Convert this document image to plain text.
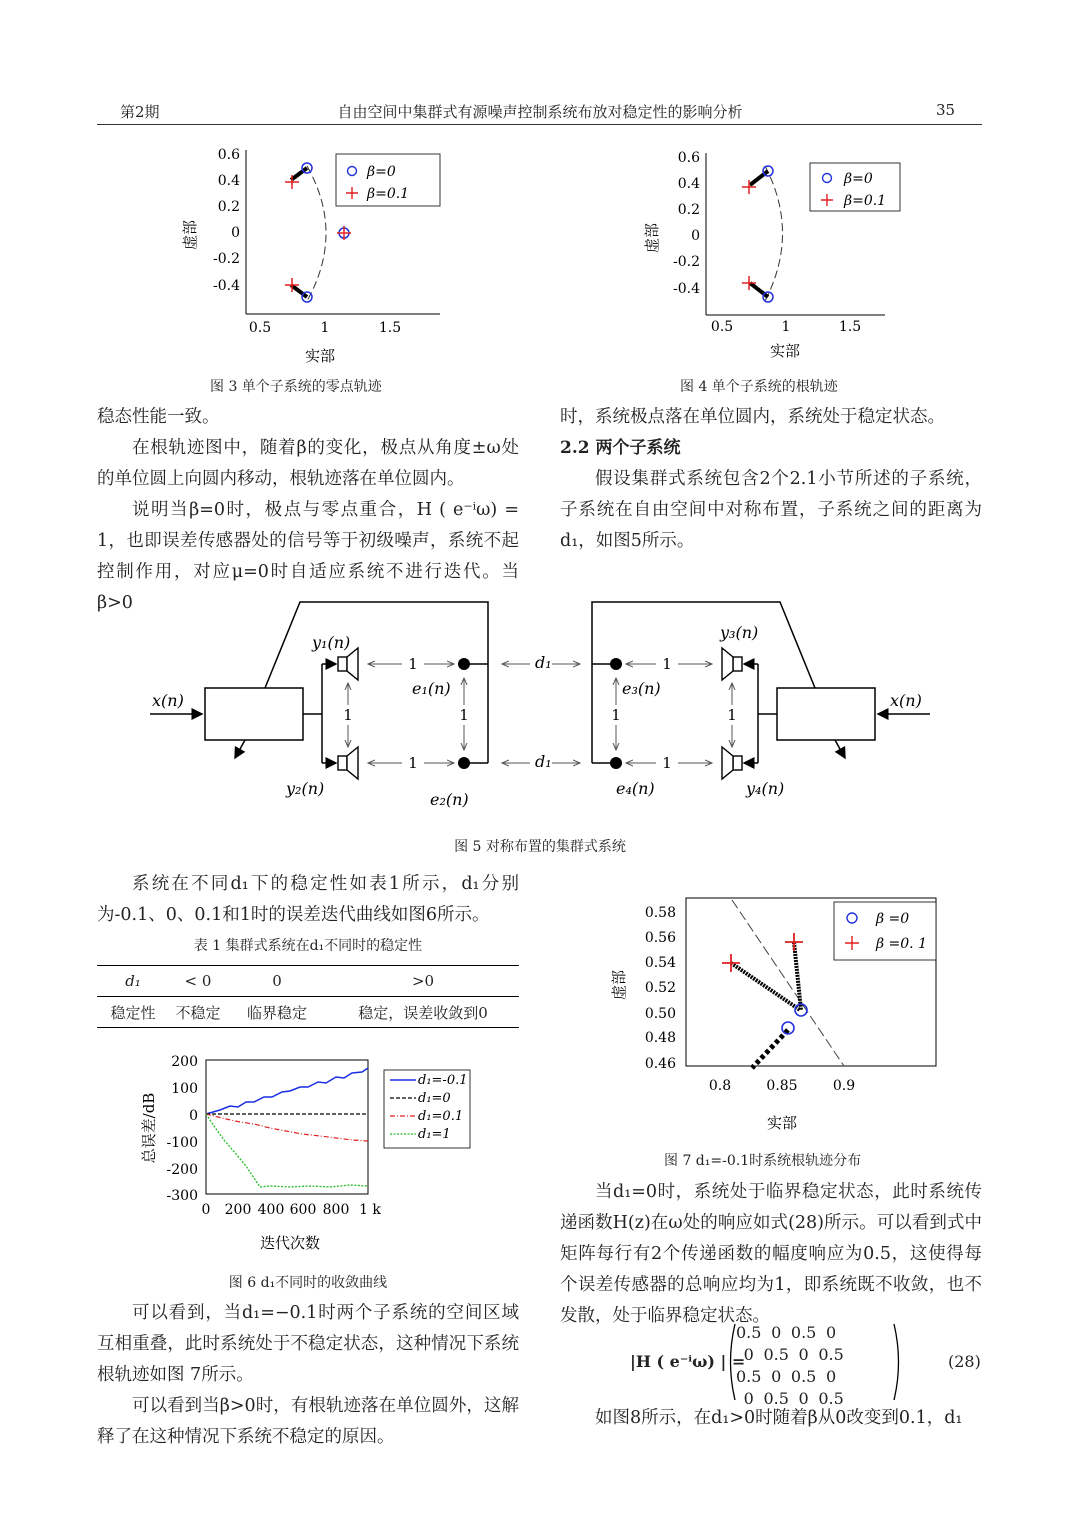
第2期	自由空间中集群式有源噪声控制系统布放对稳定性的影响分析	35
0.6
0.4
0.2
0
-0.2
-0.4
0.5	1	1.5
实部
虚部
β=0
β=0.1
图 3 单个子系统的零点轨迹
0.6
0.4
0.2
0
-0.2
-0.4
0.5	1	1.5
实部
虚部
β=0
β=0.1
图 4 单个子系统的根轨迹

稳态性能一致。

在根轨迹图中，随着β的变化，极点从角度±ω处的单位圆上向圆内移动，根轨迹落在单位圆内。

说明当β=0时，极点与零点重合，H ( e⁻ⁱω) = 1，也即误差传感器处的信号等于初级噪声，系统不起控制作用，对应μ=0时自适应系统不进行迭代。当β>0

时，系统极点落在单位圆内，系统处于稳定状态。

2.2 两个子系统

假设集群式系统包含2个2.1小节所述的子系统，子系统在自由空间中对称布置，子系统之间的距离为d₁，如图5所示。

x(n)	x(n)
y₁(n)
y₂(n)
y₃(n)
y₄(n)
e₁(n)
e₂(n)
e₃(n)
e₄(n)
d₁
d₁
1
1
1
1
1	1	1	1
图 5 对称布置的集群式系统

系统在不同d₁下的稳定性如表1所示，d₁分别为-0.1、0、0.1和1时的误差迭代曲线如图6所示。

表 1 集群式系统在d₁不同时的稳定性
d₁	< 0	0	>0
稳定性	不稳定	临界稳定	稳定，误差收敛到0
200
100
0
-100
-200
-300
0 200 400 600 800 1 k
迭代次数
总误差/dB
d₁=-0.1
d₁=0
d₁=0.1
d₁=1
图 6 d₁不同时的收敛曲线

可以看到，当d₁=−0.1时两个子系统的空间区域互相重叠，此时系统处于不稳定状态，这种情况下系统根轨迹如图 7所示。

可以看到当β>0时，有根轨迹落在单位圆外，这解释了在这种情况下系统不稳定的原因。

0.58
0.56
0.54
0.52
0.50
0.48
0.46
0.8	0.85	0.9
实部
虚部
β =0
β =0. 1
图 7 d₁=-0.1时系统根轨迹分布

当d₁=0时，系统处于临界稳定状态，此时系统传递函数H(z)在ω处的响应如式(28)所示。可以看到式中矩阵每行有2个传递函数的幅度响应为0.5，这使得每个误差传感器的总响应均为1，即系统既不收敛，也不发散，处于临界稳定状态。

|H ( e⁻ⁱω) | =
0.5	0	0.5	0
0	0.5	0	0.5
0.5	0	0.5	0
0	0.5	0	0.5
(28)

如图8所示，在d₁>0时随着β从0改变到0.1，d₁
